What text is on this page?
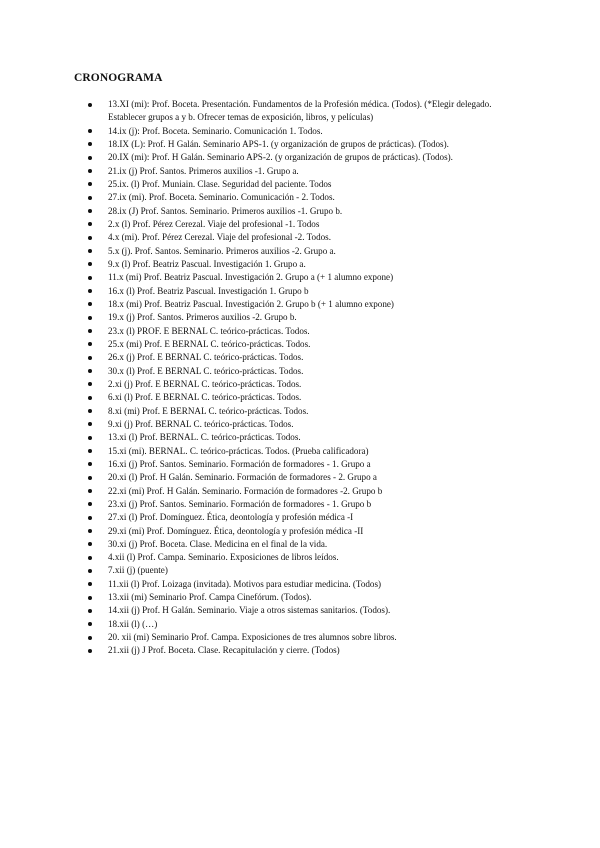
CRONOGRAMA
13.XI (mi): Prof. Boceta. Presentación. Fundamentos de la Profesión médica. (Todos). (*Elegir delegado. Establecer grupos a y b. Ofrecer temas de exposición, libros, y películas)
14.ix (j): Prof. Boceta. Seminario. Comunicación 1. Todos.
18.IX (L): Prof. H Galán. Seminario APS-1. (y organización de grupos de prácticas). (Todos).
20.IX (mi): Prof. H Galán. Seminario APS-2. (y organización de grupos de prácticas). (Todos).
21.ix (j) Prof. Santos. Primeros auxilios -1. Grupo a.
25.ix. (l) Prof. Muniain. Clase. Seguridad del paciente. Todos
27.ix (mi). Prof. Boceta. Seminario. Comunicación - 2. Todos.
28.ix (J) Prof. Santos. Seminario. Primeros auxilios -1. Grupo b.
2.x (l) Prof. Pérez Cerezal. Viaje del profesional -1. Todos
4.x (mi). Prof. Pérez Cerezal. Viaje del profesional -2. Todos.
5.x (j). Prof. Santos. Seminario. Primeros auxilios -2. Grupo a.
9.x (l) Prof. Beatriz Pascual. Investigación 1. Grupo a.
11.x (mi) Prof. Beatriz Pascual. Investigación 2. Grupo a (+ 1 alumno expone)
16.x (l) Prof. Beatriz Pascual. Investigación 1. Grupo b
18.x (mi) Prof. Beatriz Pascual. Investigación 2. Grupo b (+ 1 alumno expone)
19.x (j) Prof. Santos. Primeros auxilios -2. Grupo b.
23.x (l) PROF. E BERNAL C. teórico-prácticas. Todos.
25.x (mi) Prof. E BERNAL C. teórico-prácticas. Todos.
26.x (j) Prof. E BERNAL C. teórico-prácticas. Todos.
30.x (l) Prof. E BERNAL C. teórico-prácticas. Todos.
2.xi (j) Prof. E BERNAL C. teórico-prácticas. Todos.
6.xi (l) Prof. E BERNAL C. teórico-prácticas. Todos.
8.xi (mi) Prof. E BERNAL C. teórico-prácticas. Todos.
9.xi (j) Prof. BERNAL C. teórico-prácticas. Todos.
13.xi (l) Prof. BERNAL. C. teórico-prácticas. Todos.
15.xi (mi). BERNAL. C. teórico-prácticas. Todos. (Prueba calificadora)
16.xi (j) Prof. Santos. Seminario. Formación de formadores - 1. Grupo a
20.xi (l) Prof. H Galán. Seminario. Formación de formadores - 2. Grupo a
22.xi (mi) Prof. H Galán. Seminario. Formación de formadores -2. Grupo b
23.xi (j) Prof. Santos. Seminario. Formación de formadores - 1. Grupo b
27.xi (l) Prof. Domínguez. Ética, deontología y profesión médica -I
29.xi (mi) Prof. Domínguez. Ética, deontología y profesión médica -II
30.xi (j) Prof. Boceta. Clase. Medicina en el final de la vida.
4.xii (l) Prof. Campa. Seminario. Exposiciones de libros leídos.
7.xii (j) (puente)
11.xii (l) Prof. Loizaga (invitada). Motivos para estudiar medicina. (Todos)
13.xii (mi) Seminario Prof. Campa Cinefórum. (Todos).
14.xii (j) Prof. H Galán. Seminario. Viaje a otros sistemas sanitarios. (Todos).
18.xii (l) (…)
20. xii (mi) Seminario Prof. Campa. Exposiciones de tres alumnos sobre libros.
21.xii (j) J Prof. Boceta. Clase. Recapitulación y cierre. (Todos)
